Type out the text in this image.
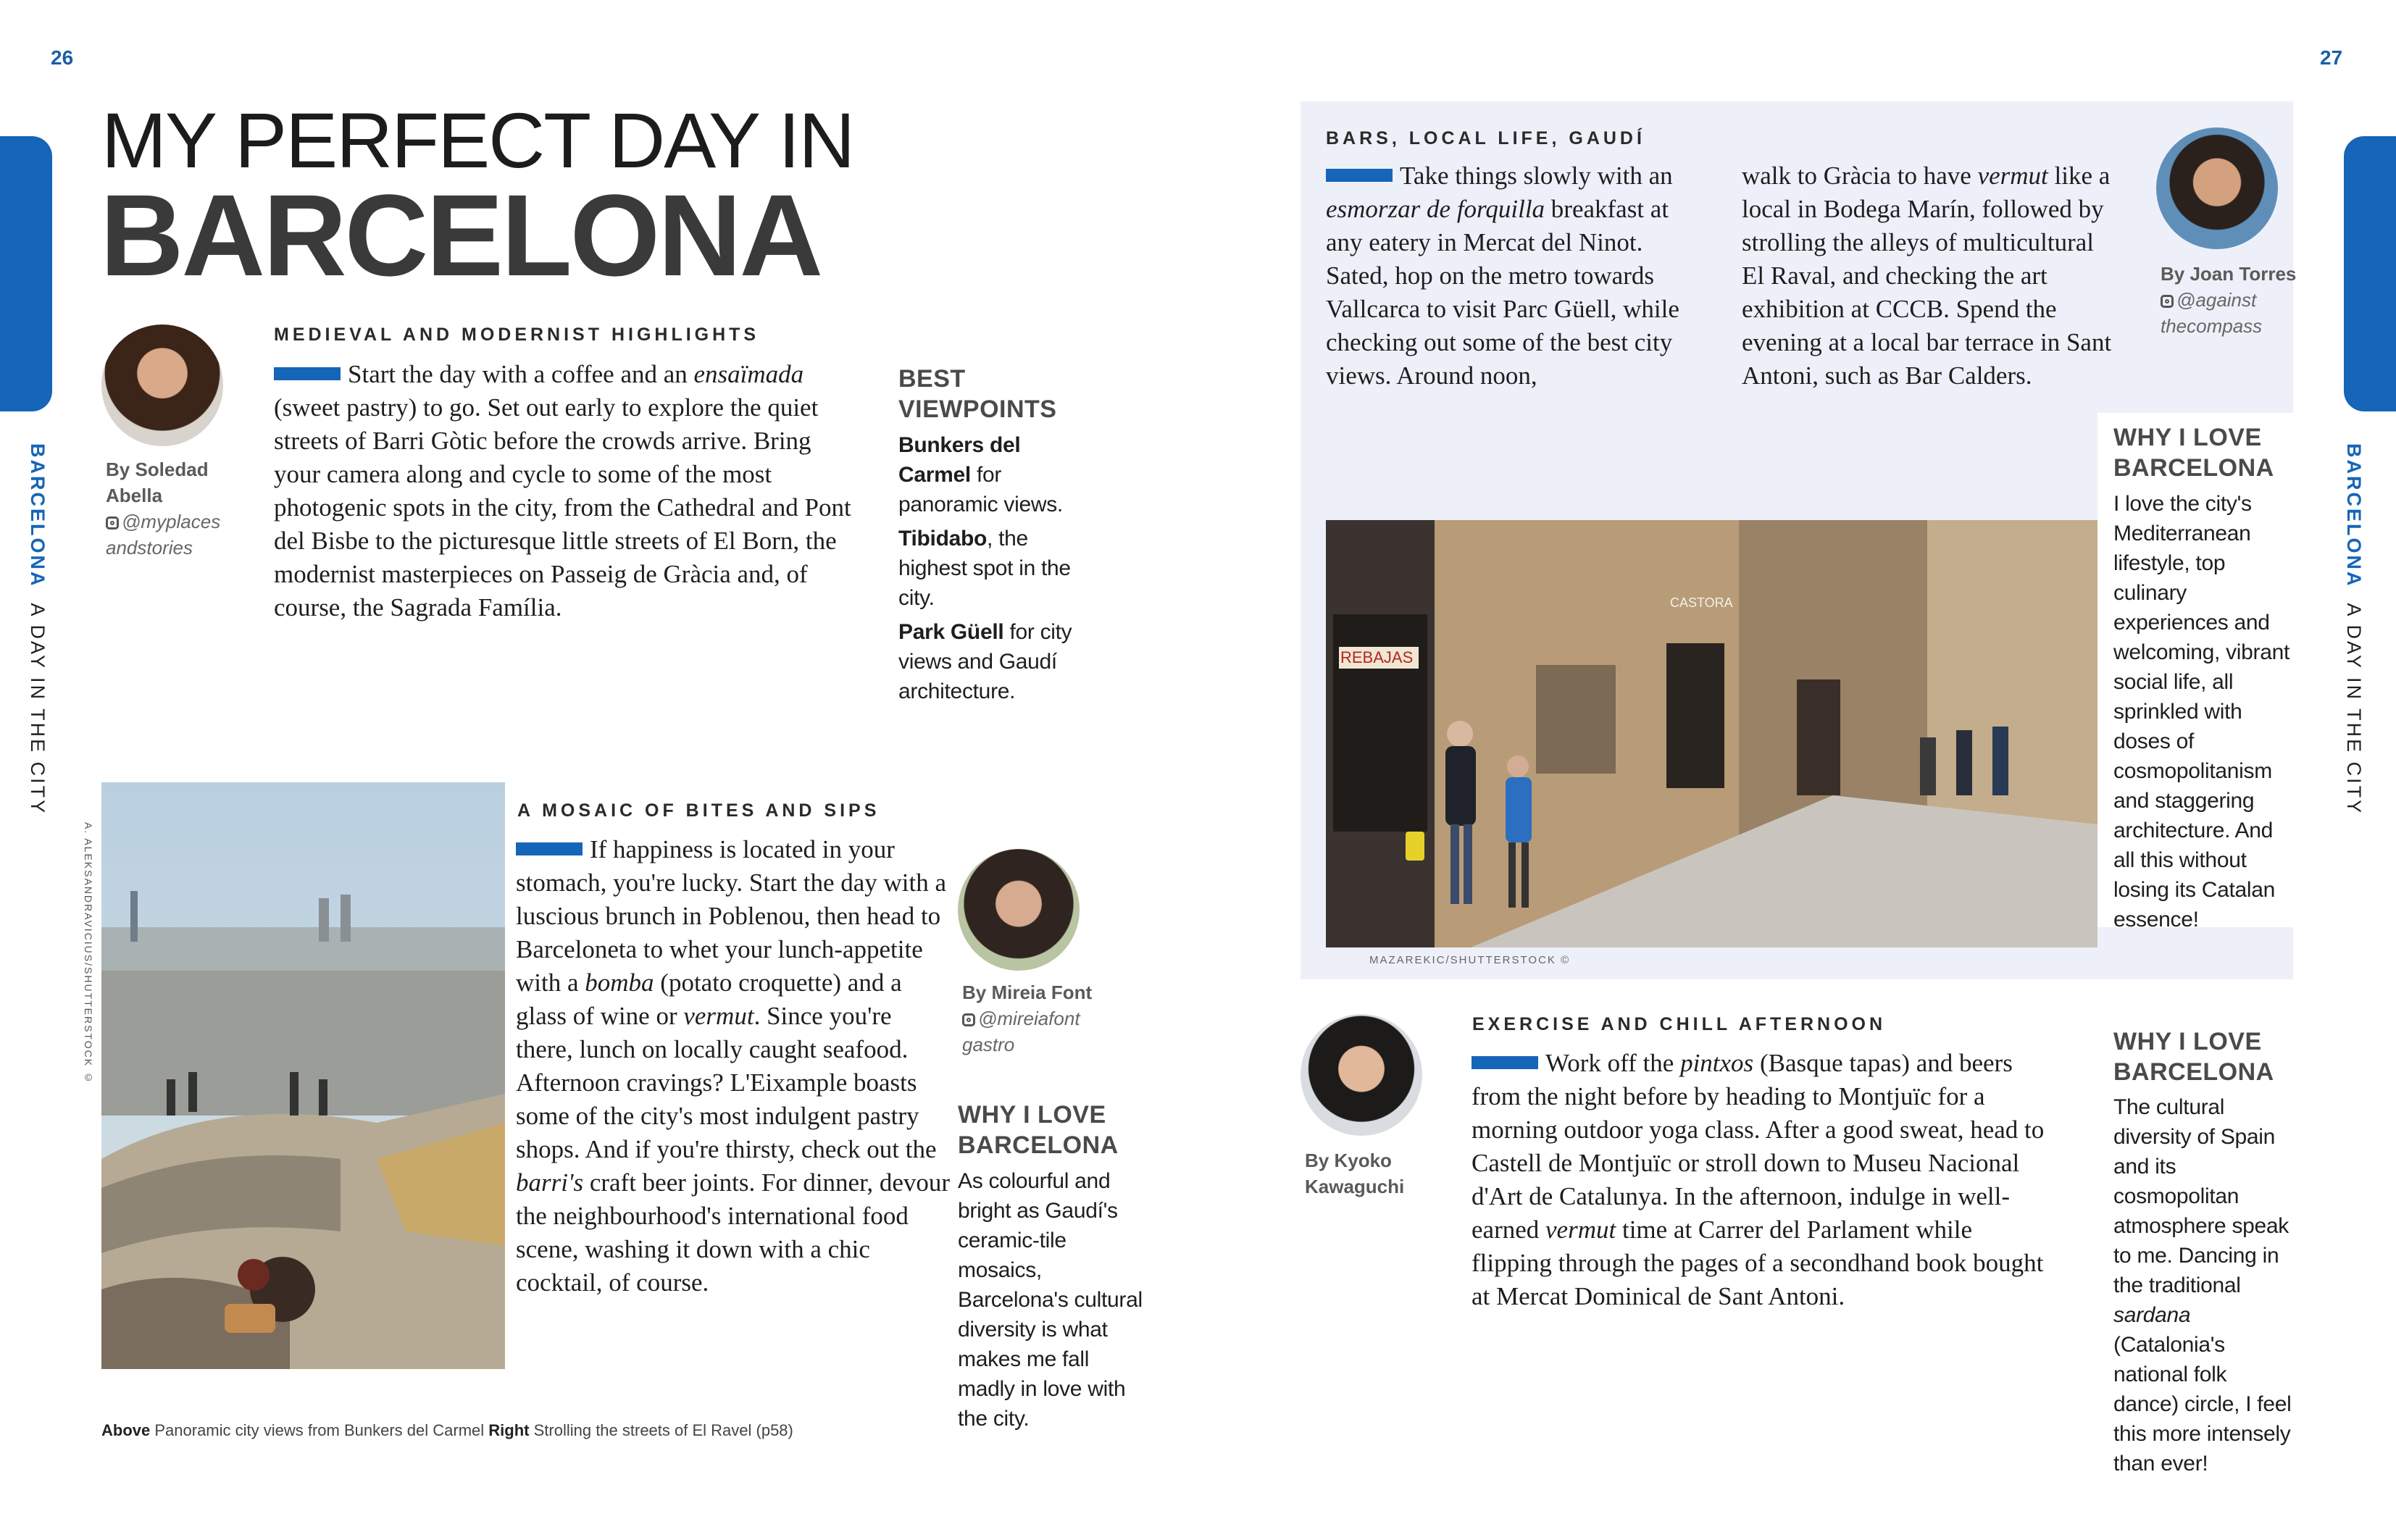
26	27
BARCELONA  A DAY IN THE CITY
BARCELONA  A DAY IN THE CITY
MY PERFECT DAY IN
BARCELONA
By Soledad
Abella
@myplaces
andstories
MEDIEVAL AND MODERNIST HIGHLIGHTS

Start the day with a coffee and an ensaïmada (sweet pastry) to go. Set out early to explore the quiet streets of Barri Gòtic before the crowds arrive. Bring your camera along and cycle to some of the most photogenic spots in the city, from the Cathedral and Pont del Bisbe to the picturesque little streets of El Born, the modernist masterpieces on Passeig de Gràcia and, of course, the Sagrada Família.

BEST
VIEWPOINTS

Bunkers del Carmel for panoramic views.

Tibidabo, the highest spot in the city.

Park Güell for city views and Gaudí architecture.

A. ALEKSANDRAVICIUS/SHUTTERSTOCK ©
A MOSAIC OF BITES AND SIPS

If happiness is located in your stomach, you're lucky. Start the day with a luscious brunch in Poblenou, then head to Barceloneta to whet your lunch-appetite with a bomba (potato croquette) and a glass of wine or vermut. Since you're there, lunch on locally caught seafood. Afternoon cravings? L'Eixample boasts some of the city's most indulgent pastry shops. And if you're thirsty, check out the barri's craft beer joints. For dinner, devour the neighbourhood's international food scene, washing it down with a chic cocktail, of course.

By Mireia Font
@mireiafont
gastro
WHY I LOVE
BARCELONA

As colourful and bright as Gaudí's ceramic-tile mosaics, Barcelona's cultural diversity is what makes me fall madly in love with the city.

Above Panoramic city views from Bunkers del Carmel Right Strolling the streets of El Ravel (p58)
BARS, LOCAL LIFE, GAUDÍ

Take things slowly with an esmorzar de forquilla breakfast at any eatery in Mercat del Ninot. Sated, hop on the metro towards Vallcarca to visit Parc Güell, while checking out some of the best city views. Around noon,

walk to Gràcia to have vermut like a local in Bodega Marín, followed by strolling the alleys of multicultural El Raval, and checking the art exhibition at CCCB. Spend the evening at a local bar terrace in Sant Antoni, such as Bar Calders.

By Joan Torres
@against
thecompass
REBAJAS
CASTORA
MAZAREKIC/SHUTTERSTOCK ©
WHY I LOVE
BARCELONA

I love the city's Mediterranean lifestyle, top culinary experiences and welcoming, vibrant social life, all sprinkled with doses of cosmopolitanism and staggering architecture. And all this without losing its Catalan essence!

By Kyoko
Kawaguchi
EXERCISE AND CHILL AFTERNOON

Work off the pintxos (Basque tapas) and beers from the night before by heading to Montjuïc for a morning outdoor yoga class. After a good sweat, head to Castell de Montjuïc or stroll down to Museu Nacional d'Art de Catalunya. In the afternoon, indulge in well-earned vermut time at Carrer del Parlament while flipping through the pages of a secondhand book bought at Mercat Dominical de Sant Antoni.

WHY I LOVE
BARCELONA

The cultural diversity of Spain and its cosmopolitan atmosphere speak to me. Dancing in the traditional sardana (Catalonia's national folk dance) circle, I feel this more intensely than ever!
